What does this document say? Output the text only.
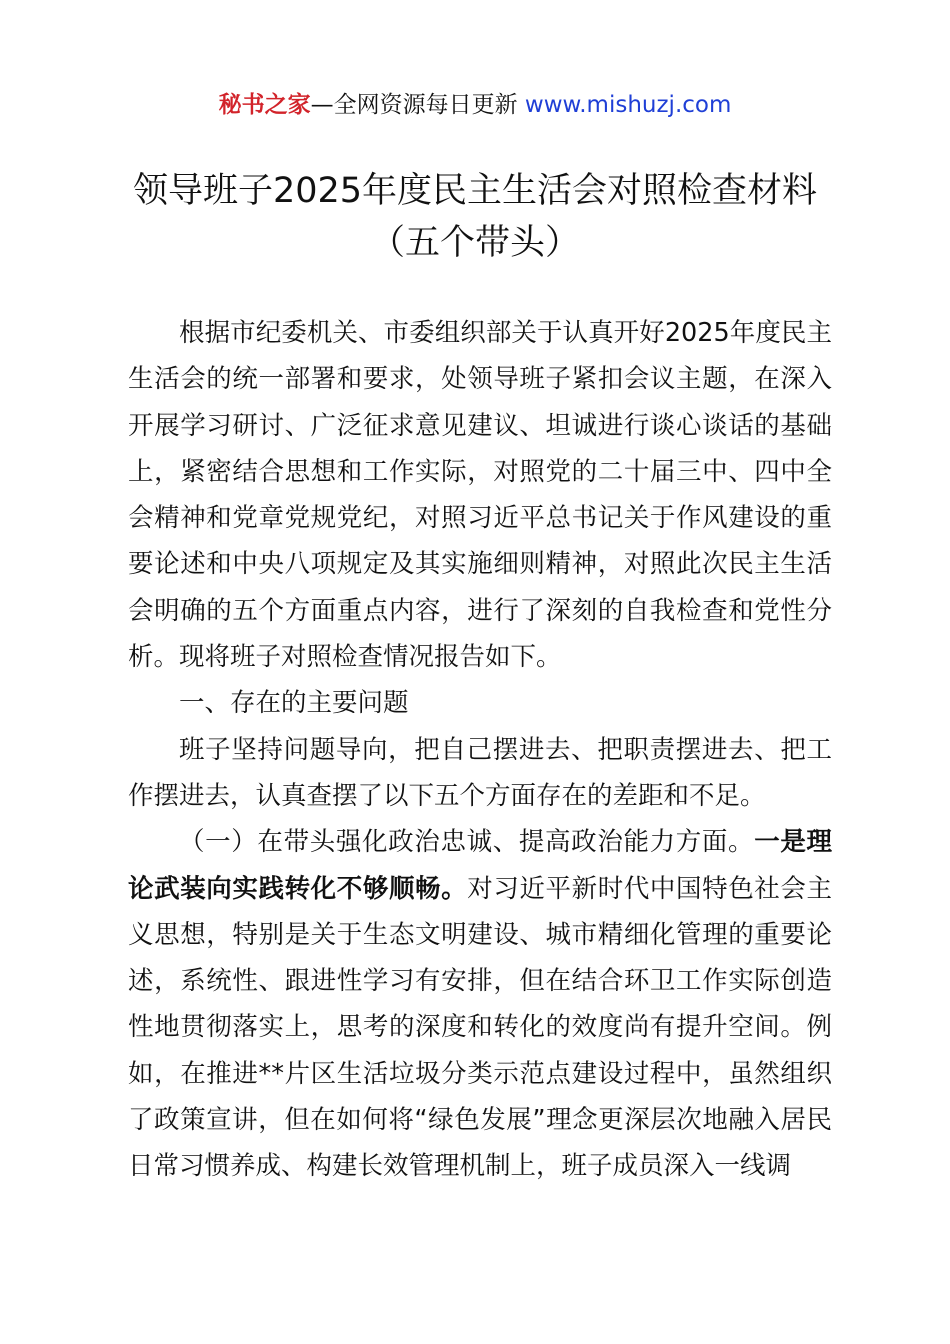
秘书之家—全网资源每日更新 www.mishuzj.com
领导班子2025年度民主生活会对照检查材料
（五个带头）

根据市纪委机关、市委组织部关于认真开好2025年度民主生活会的统一部署和要求，处领导班子紧扣会议主题，在深入开展学习研讨、广泛征求意见建议、坦诚进行谈心谈话的基础上，紧密结合思想和工作实际，对照党的二十届三中、四中全会精神和党章党规党纪，对照习近平总书记关于作风建设的重要论述和中央八项规定及其实施细则精神，对照此次民主生活会明确的五个方面重点内容，进行了深刻的自我检查和党性分析。现将班子对照检查情况报告如下。

一、存在的主要问题

班子坚持问题导向，把自己摆进去、把职责摆进去、把工作摆进去，认真查摆了以下五个方面存在的差距和不足。

（一）在带头强化政治忠诚、提高政治能力方面。一是理论武装向实践转化不够顺畅。对习近平新时代中国特色社会主义思想，特别是关于生态文明建设、城市精细化管理的重要论述，系统性、跟进性学习有安排，但在结合环卫工作实际创造性地贯彻落实上，思考的深度和转化的效度尚有提升空间。例如，在推进**片区生活垃圾分类示范点建设过程中，虽然组织了政策宣讲，但在如何将“绿色发展”理念更深层次地融入居民日常习惯养成、构建长效管理机制上，班子成员深入一线调
